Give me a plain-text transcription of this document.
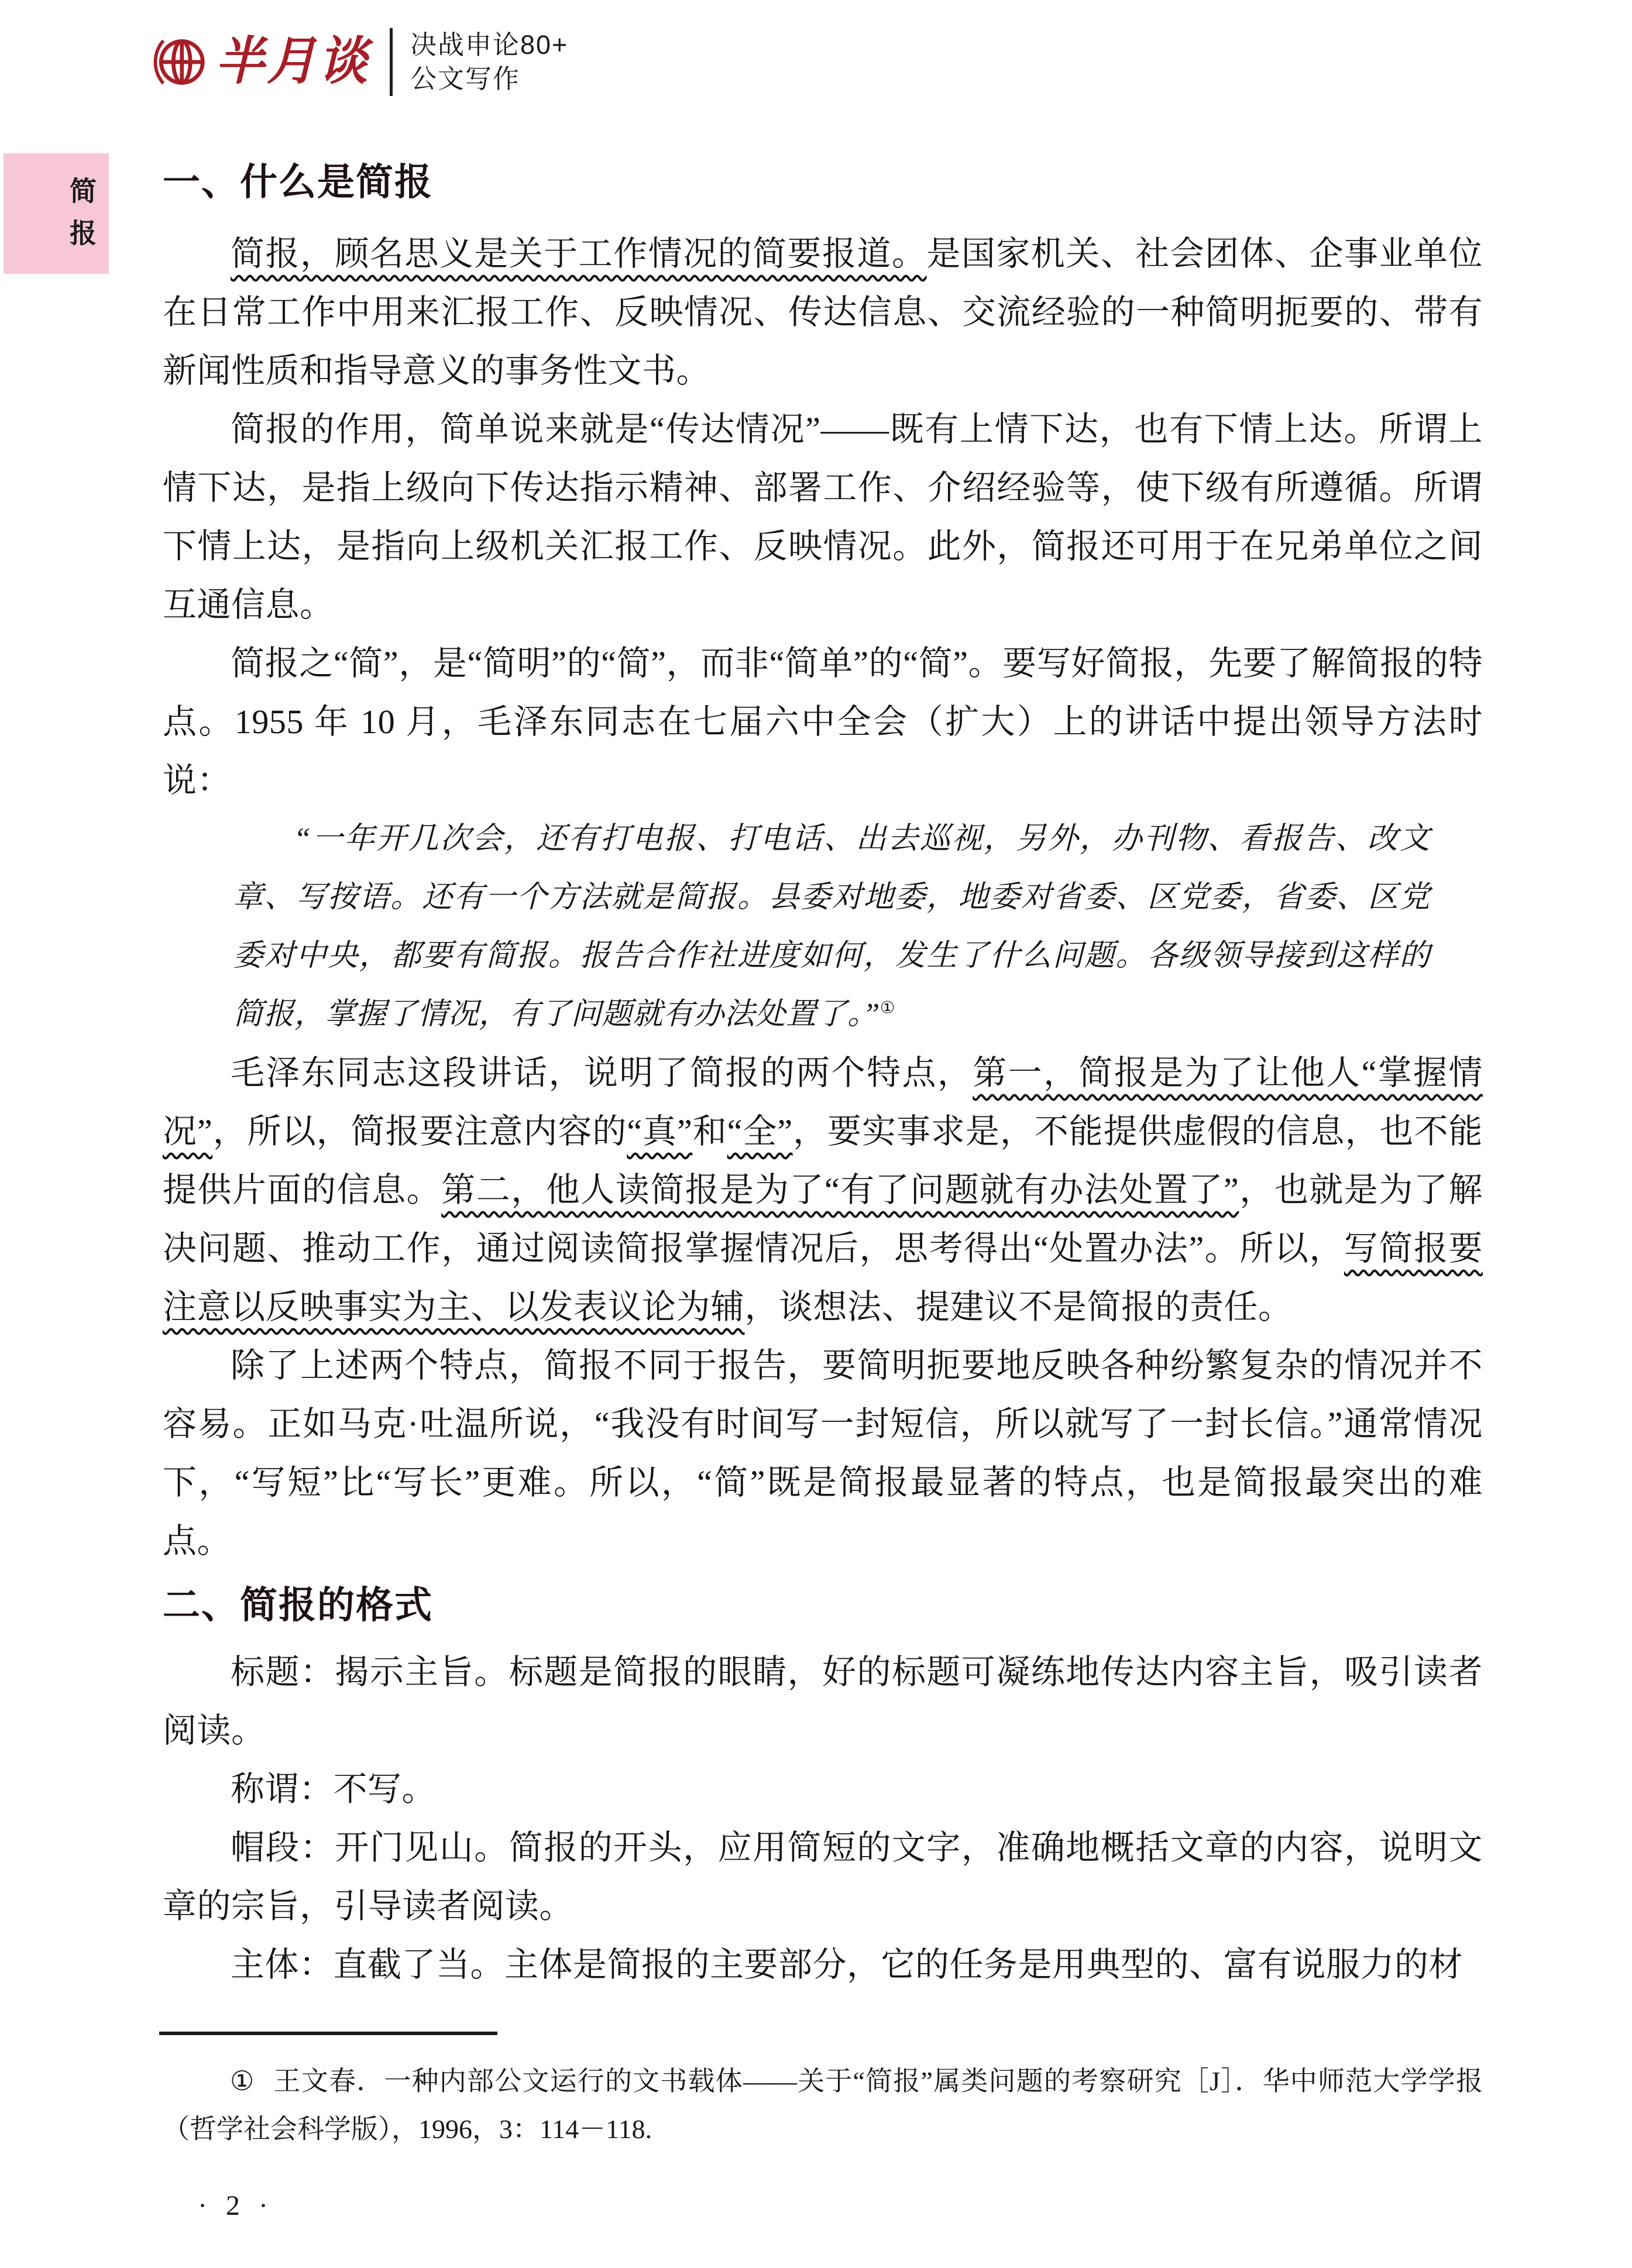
半月谈 决战申论80+
公文写作
简报 一、什么是简报

简报，顾名思义是关于工作情况的简要报道。是国家机关、社会团体、企事业单位在日常工作中用来汇报工作、反映情况、传达信息、交流经验的一种简明扼要的、带有新闻性质和指导意义的事务性文书。

简报的作用，简单说来就是“传达情况”——既有上情下达，也有下情上达。所谓上情下达，是指上级向下传达指示精神、部署工作、介绍经验等，使下级有所遵循。所谓下情上达，是指向上级机关汇报工作、反映情况。此外，简报还可用于在兄弟单位之间互通信息。

简报之“简”，是“简明”的“简”，而非“简单”的“简”。要写好简报，先要了解简报的特点。1955 年 10 月，毛泽东同志在七届六中全会（扩大）上的讲话中提出领导方法时说：

“一年开几次会，还有打电报、打电话、出去巡视，另外，办刊物、看报告、改文章、写按语。还有一个方法就是简报。县委对地委，地委对省委、区党委，省委、区党委对中央，都要有简报。报告合作社进度如何，发生了什么问题。各级领导接到这样的简报，掌握了情况，有了问题就有办法处置了。”①

毛泽东同志这段讲话，说明了简报的两个特点，第一，简报是为了让他人“掌握情况”，所以，简报要注意内容的“真”和“全”，要实事求是，不能提供虚假的信息，也不能提供片面的信息。第二，他人读简报是为了“有了问题就有办法处置了”，也就是为了解决问题、推动工作，通过阅读简报掌握情况后，思考得出“处置办法”。所以，写简报要注意以反映事实为主、以发表议论为辅，谈想法、提建议不是简报的责任。

除了上述两个特点，简报不同于报告，要简明扼要地反映各种纷繁复杂的情况并不容易。正如马克·吐温所说，“我没有时间写一封短信，所以就写了一封长信。”通常情况下，“写短”比“写长”更难。所以，“简”既是简报最显著的特点，也是简报最突出的难点。

二、简报的格式

标题：揭示主旨。标题是简报的眼睛，好的标题可凝练地传达内容主旨，吸引读者阅读。

称谓：不写。

帽段：开门见山。简报的开头，应用简短的文字，准确地概括文章的内容，说明文章的宗旨，引导读者阅读。

主体：直截了当。主体是简报的主要部分，它的任务是用典型的、富有说服力的材

① 王文春．一种内部公文运行的文书载体——关于“简报”属类问题的考察研究［J］．华中师范大学学报（哲学社会科学版），1996，3：114－118.

· 2 ·
